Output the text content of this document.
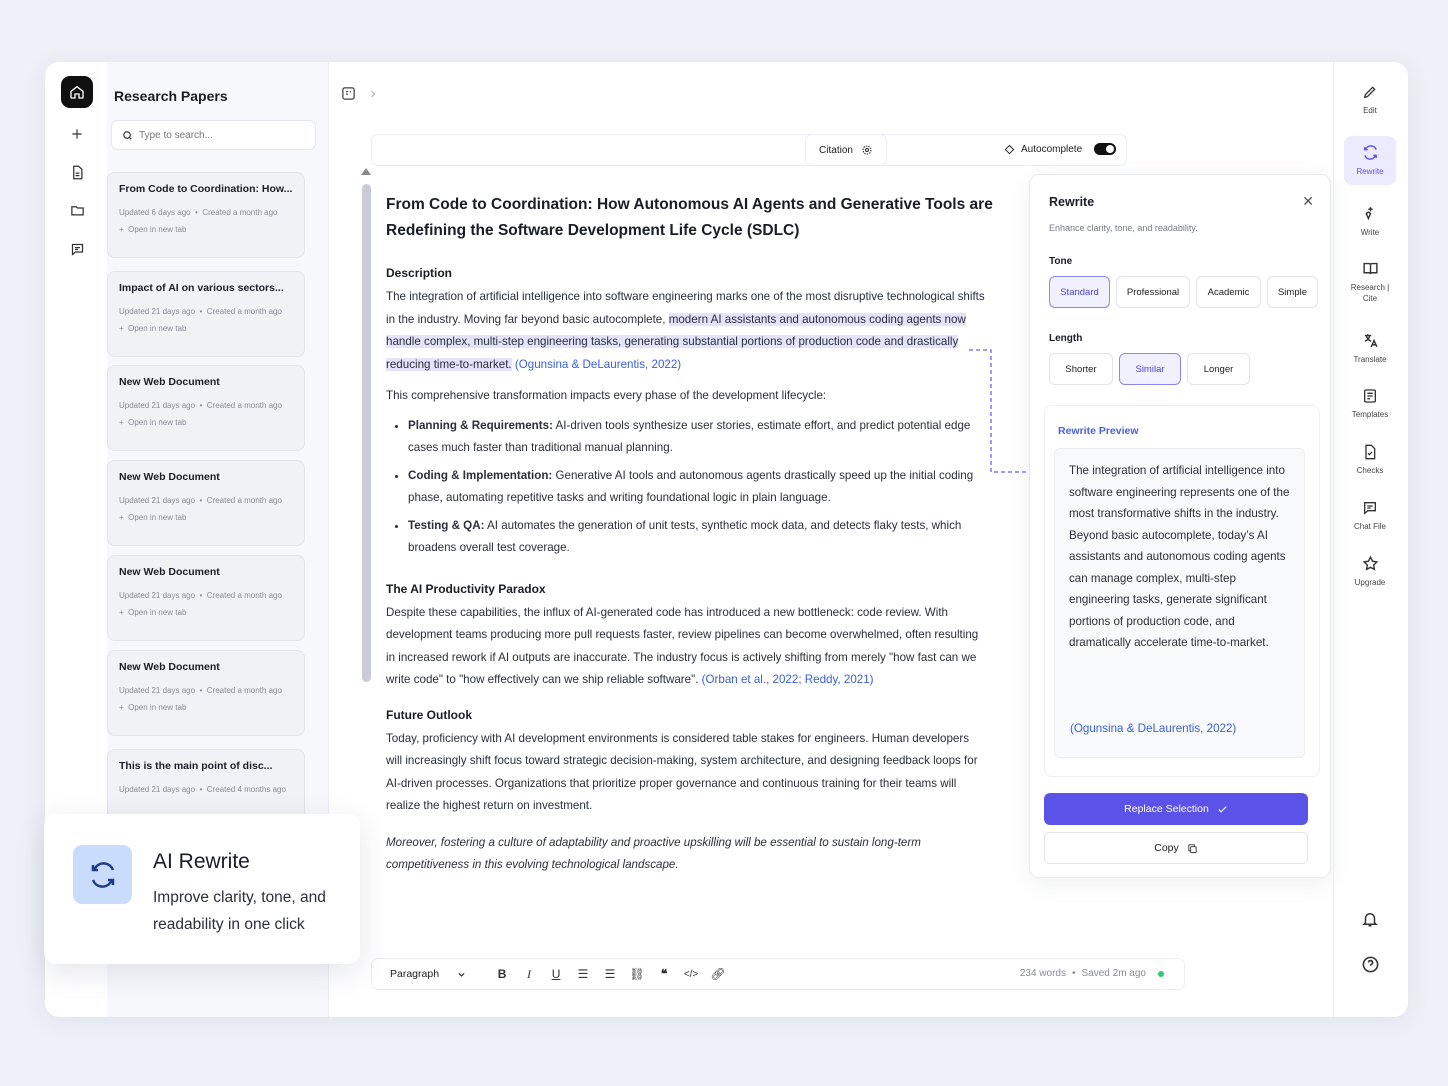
Research Papers
Type to search...
From Code to Coordination: How...
Updated 6 days ago  •  Created a month ago
+  Open in new tab
Impact of AI on various sectors...
Updated 21 days ago  •  Created a month ago
+  Open in new tab
New Web Document
Updated 21 days ago  •  Created a month ago
+  Open in new tab
New Web Document
Updated 21 days ago  •  Created a month ago
+  Open in new tab
New Web Document
Updated 21 days ago  •  Created a month ago
+  Open in new tab
New Web Document
Updated 21 days ago  •  Created a month ago
+  Open in new tab
This is the main point of disc...
Updated 21 days ago  •  Created 4 months ago
Autocomplete
Citation
From Code to Coordination: How Autonomous AI Agents and Generative Tools are Redefining the Software Development Life Cycle (SDLC)
Description

The integration of artificial intelligence into software engineering marks one of the most disruptive technological shifts in the industry. Moving far beyond basic autocomplete, modern AI assistants and autonomous coding agents now handle complex, multi-step engineering tasks, generating substantial portions of production code and drastically reducing time-to-market. (Ogunsina & DeLaurentis, 2022)

This comprehensive transformation impacts every phase of the development lifecycle:

• Planning & Requirements: AI-driven tools synthesize user stories, estimate effort, and predict potential edge cases much faster than traditional manual planning.
• Coding & Implementation: Generative AI tools and autonomous agents drastically speed up the initial coding phase, automating repetitive tasks and writing foundational logic in plain language.
• Testing & QA: AI automates the generation of unit tests, synthetic mock data, and detects flaky tests, which broadens overall test coverage.
The AI Productivity Paradox

Despite these capabilities, the influx of AI-generated code has introduced a new bottleneck: code review. With development teams producing more pull requests faster, review pipelines can become overwhelmed, often resulting in increased rework if AI outputs are inaccurate. The industry focus is actively shifting from merely "how fast can we write code" to "how effectively can we ship reliable software". (Orban et al., 2022; Reddy, 2021)

Future Outlook

Today, proficiency with AI development environments is considered table stakes for engineers. Human developers will increasingly shift focus toward strategic decision-making, system architecture, and designing feedback loops for AI-driven processes. Organizations that prioritize proper governance and continuous training for their teams will realize the highest return on investment.

Moreover, fostering a culture of adaptability and proactive upskilling will be essential to sustain long-term competitiveness in this evolving technological landscape.

Paragraph	B	I	U	☰ ☰ ⛓	❝	</> 🔗︎	234 words • Saved 2m ago
Rewrite
Enhance clarity, tone, and readability.
✕
Tone
Standard	Professional	Academic	Simple
Length
Shorter	Similar	Longer
Rewrite Preview
The integration of artificial intelligence into software engineering represents one of the most transformative shifts in the industry. Beyond basic autocomplete, today’s AI assistants and autonomous coding agents can manage complex, multi-step engineering tasks, generate significant portions of production code, and dramatically accelerate time-to-market.
(Ogunsina & DeLaurentis, 2022)
Replace Selection
Copy
Edit
Rewrite
Write
Research | Cite
Translate
Templates
Checks
Chat File
Upgrade
AI Rewrite
Improve clarity, tone, and readability in one click
